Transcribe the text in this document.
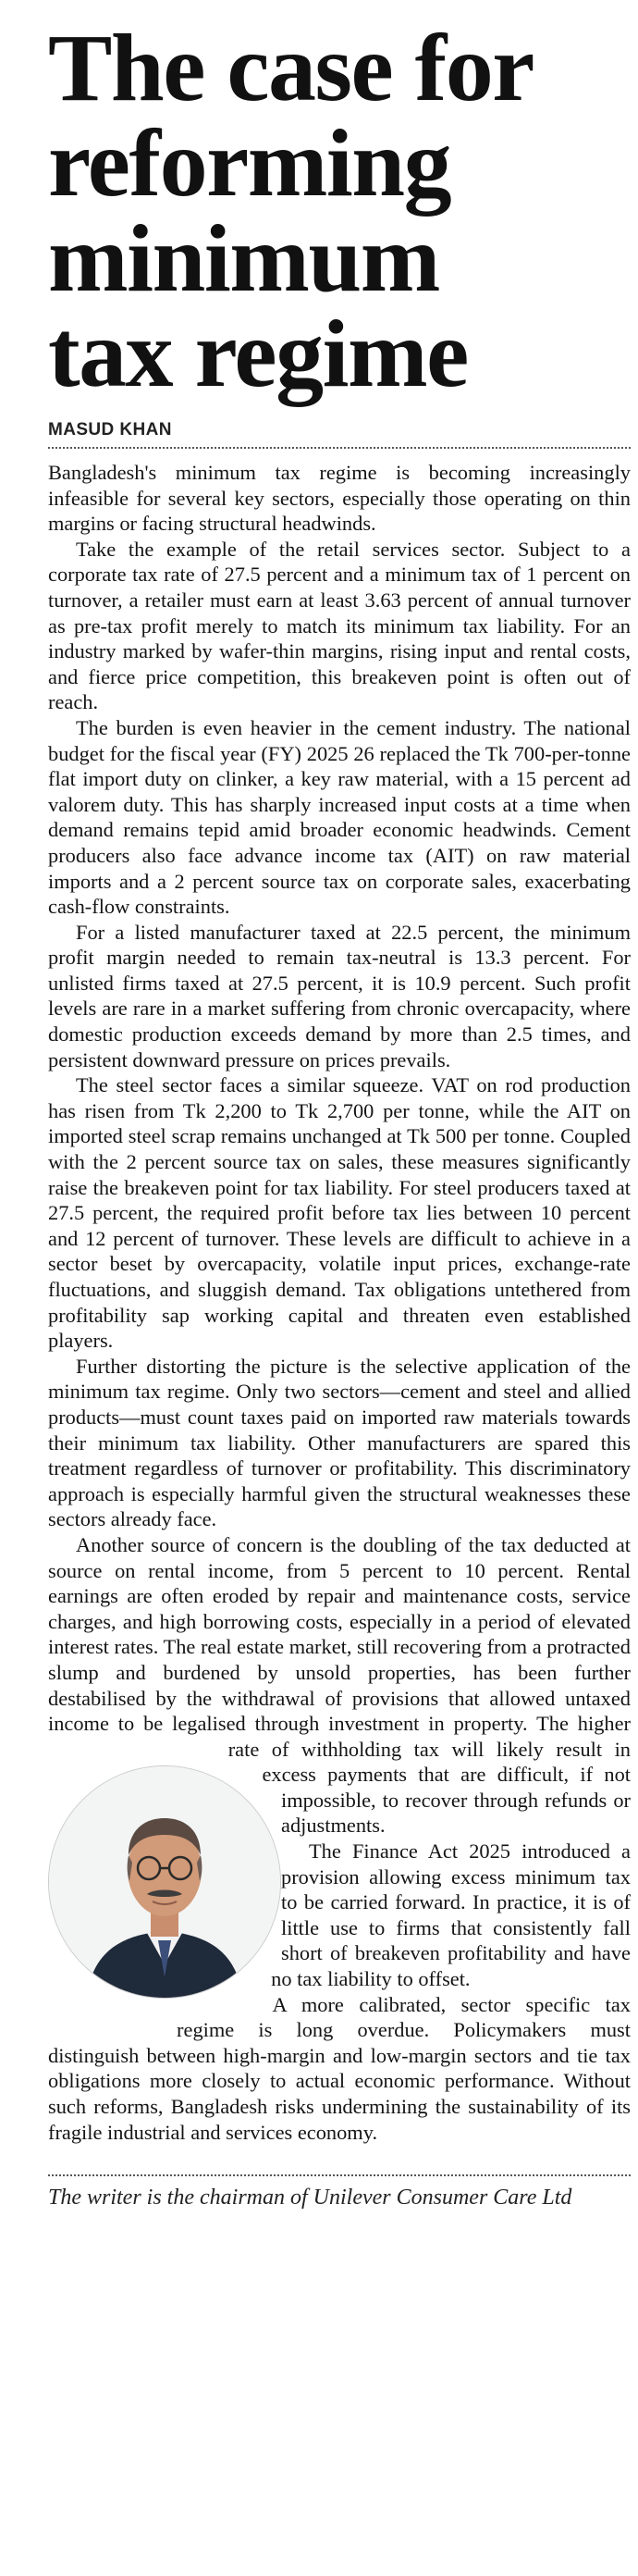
The case for
reforming
minimum
tax regime
MASUD KHAN

Bangladesh's minimum tax regime is becoming increasingly infeasible for several key sectors, especially those operating on thin margins or facing structural headwinds.

Take the example of the retail services sector. Subject to a corporate tax rate of 27.5 percent and a minimum tax of 1 percent on turnover, a retailer must earn at least 3.63 percent of annual turnover as pre-tax profit merely to match its minimum tax liability. For an industry marked by wafer-thin margins, rising input and rental costs, and fierce price competition, this breakeven point is often out of reach.

The burden is even heavier in the cement industry. The national budget for the fiscal year (FY) 2025 26 replaced the Tk 700-per-tonne flat import duty on clinker, a key raw material, with a 15 percent ad valorem duty. This has sharply increased input costs at a time when demand remains tepid amid broader economic headwinds. Cement producers also face advance income tax (AIT) on raw material imports and a 2 percent source tax on corporate sales, exacerbating cash-flow constraints.

For a listed manufacturer taxed at 22.5 percent, the minimum profit margin needed to remain tax-neutral is 13.3 percent. For unlisted firms taxed at 27.5 percent, it is 10.9 percent. Such profit levels are rare in a market suffering from chronic overcapacity, where domestic production exceeds demand by more than 2.5 times, and persistent downward pressure on prices prevails.

The steel sector faces a similar squeeze. VAT on rod production has risen from Tk 2,200 to Tk 2,700 per tonne, while the AIT on imported steel scrap remains unchanged at Tk 500 per tonne. Coupled with the 2 percent source tax on sales, these measures significantly raise the breakeven point for tax liability. For steel producers taxed at 27.5 percent, the required profit before tax lies between 10 percent and 12 percent of turnover. These levels are difficult to achieve in a sector beset by overcapacity, volatile input prices, exchange-rate fluctuations, and sluggish demand. Tax obligations untethered from profitability sap working capital and threaten even established players.

Further distorting the picture is the selective application of the minimum tax regime. Only two sectors—cement and steel and allied products—must count taxes paid on imported raw materials towards their minimum tax liability. Other manufacturers are spared this treatment regardless of turnover or profitability. This discriminatory approach is especially harmful given the structural weaknesses these sectors already face.

Another source of concern is the doubling of the tax deducted at source on rental income, from 5 percent to 10 percent. Rental earnings are often eroded by repair and maintenance costs, service charges, and high borrowing costs, especially in a period of elevated interest rates. The real estate market, still recovering from a protracted slump and burdened by unsold properties, has been further destabilised by the withdrawal of provisions that allowed untaxed income to be legalised through investment in property. The higher rate of withholding tax will likely result in excess payments that are difficult, if not impossible, to recover through refunds or adjustments.

The Finance Act 2025 introduced a provision allowing excess minimum tax to be carried forward. In practice, it is of little use to firms that consistently fall short of breakeven profitability and have no tax liability to offset.

A more calibrated, sector specific tax regime is long overdue. Policymakers must distinguish between high-margin and low-margin sectors and tie tax obligations more closely to actual economic performance. Without such reforms, Bangladesh risks undermining the sustainability of its fragile industrial and services economy.

The writer is the chairman of Unilever Consumer Care Ltd
